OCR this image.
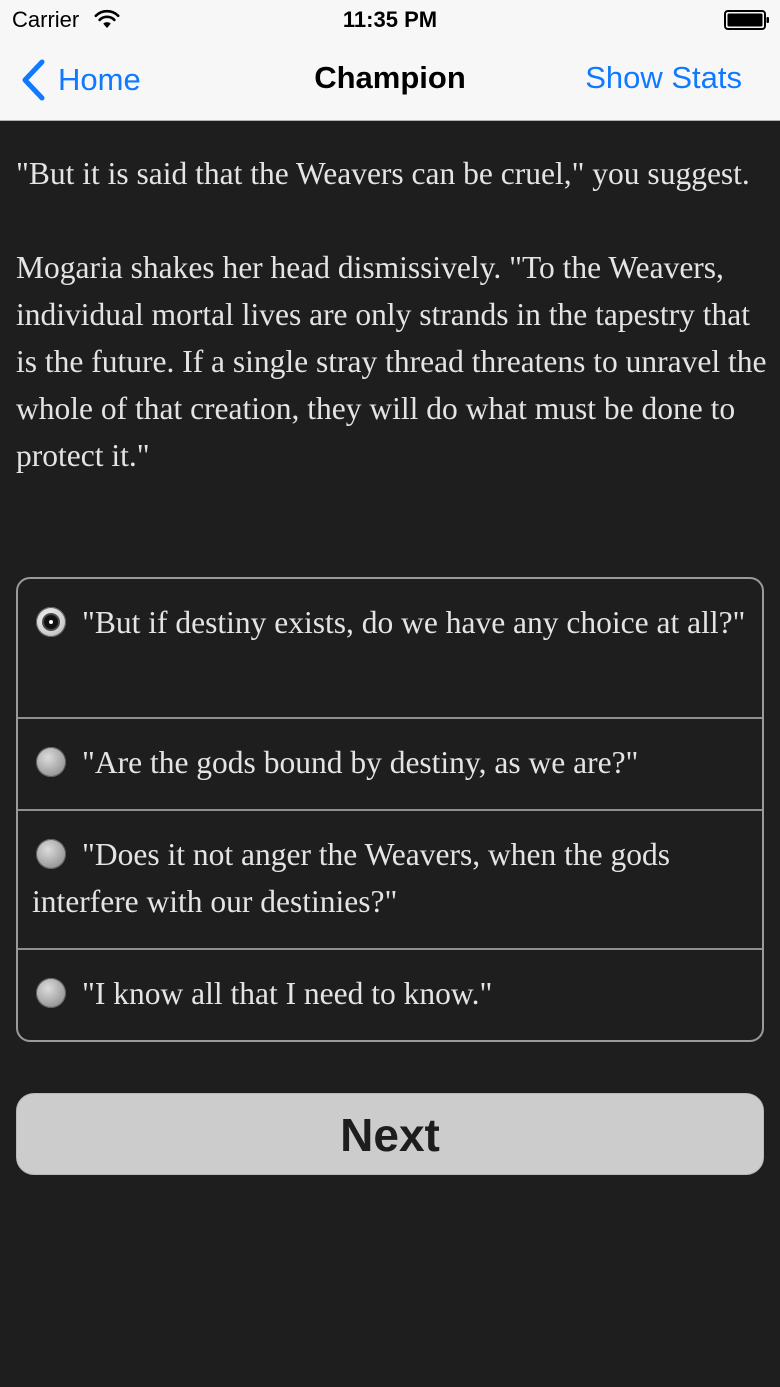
Carrier	11:35 PM
Home	Champion	Show Stats

"But it is said that the Weavers can be cruel," you suggest.

Mogaria shakes her head dismissively. "To the Weavers, individual mortal lives are only strands in the tapestry that is the future. If a single stray thread threatens to unravel the whole of that creation, they will do what must be done to protect it."

"But if destiny exists, do we have any choice at all?"
"Are the gods bound by destiny, as we are?"
"Does it not anger the Weavers, when the gods interfere with our destinies?"
"I know all that I need to know."
Next
